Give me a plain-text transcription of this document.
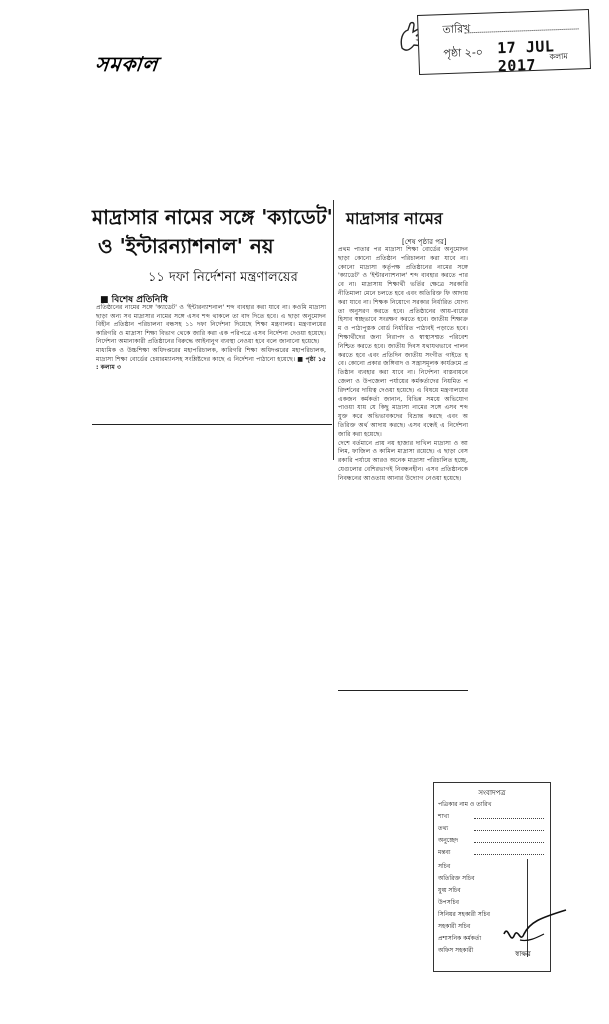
সমকাল
তারিখ
পৃষ্ঠা ২-০ 17 JUL 2017	কলাম
মাদ্রাসার নামের সঙ্গে 'ক্যাডেট'
ও 'ইন্টারন্যাশনাল' নয়
১১ দফা নির্দেশনা মন্ত্রণালয়ের
■ বিশেষ প্রতিনিধি
প্রতিষ্ঠানের নামের সঙ্গে 'ক্যাডেট' ও 'ইন্টারন্যাশনাল' শব্দ ব্যবহার করা যাবে না। কওমি মাদ্রাসা ছাড়া অন্য সব মাদ্রাসার নামের সঙ্গে এসব শব্দ থাকলে তা বাদ দিতে হবে। এ ছাড়া অনুমোদনবিহীন প্রতিষ্ঠান পরিচালনা বন্ধসহ ১১ দফা নির্দেশনা দিয়েছে শিক্ষা মন্ত্রণালয়। মন্ত্রণালয়ের কারিগরি ও মাদ্রাসা শিক্ষা বিভাগ থেকে জারি করা এক পরিপত্রে এসব নির্দেশনা দেওয়া হয়েছে। নির্দেশনা অমান্যকারী প্রতিষ্ঠানের বিরুদ্ধে আইনানুগ ব্যবস্থা নেওয়া হবে বলে জানানো হয়েছে।
মাধ্যমিক ও উচ্চশিক্ষা অধিদপ্তরের মহাপরিচালক, কারিগরি শিক্ষা অধিদপ্তরের মহাপরিচালক, মাদ্রাসা শিক্ষা বোর্ডের চেয়ারম্যানসহ সংশ্লিষ্টদের কাছে এ নির্দেশনা পাঠানো হয়েছে। ■ পৃষ্ঠা ১৫ : কলাম ৩
মাদ্রাসার নামের
[শেষ পৃষ্ঠার পর]
প্রথম পাতার পর মাদ্রাসা শিক্ষা বোর্ডের অনুমোদন ছাড়া কোনো প্রতিষ্ঠান পরিচালনা করা যাবে না। কোনো মাদ্রাসা কর্তৃপক্ষ প্রতিষ্ঠানের নামের সঙ্গে 'ক্যাডেট' ও 'ইন্টারন্যাশনাল' শব্দ ব্যবহার করতে পারবে না। মাদ্রাসায় শিক্ষার্থী ভর্তির ক্ষেত্রে সরকারি নীতিমালা মেনে চলতে হবে এবং অতিরিক্ত ফি আদায় করা যাবে না। শিক্ষক নিয়োগে সরকার নির্ধারিত যোগ্যতা অনুসরণ করতে হবে। প্রতিষ্ঠানের আয়-ব্যয়ের হিসাব স্বচ্ছভাবে সংরক্ষণ করতে হবে। জাতীয় শিক্ষাক্রম ও পাঠ্যপুস্তক বোর্ড নির্ধারিত পাঠ্যবই পড়াতে হবে। শিক্ষার্থীদের জন্য নিরাপদ ও স্বাস্থ্যসম্মত পরিবেশ নিশ্চিত করতে হবে। জাতীয় দিবস যথাযথভাবে পালন করতে হবে এবং প্রতিদিন জাতীয় সংগীত গাইতে হবে। কোনো প্রকার জঙ্গিবাদ ও সন্ত্রাসমূলক কার্যক্রমে প্রতিষ্ঠান ব্যবহার করা যাবে না। নির্দেশনা বাস্তবায়নে জেলা ও উপজেলা পর্যায়ের কর্মকর্তাদের নিয়মিত পরিদর্শনের দায়িত্ব দেওয়া হয়েছে। এ বিষয়ে মন্ত্রণালয়ের একজন কর্মকর্তা জানান, বিভিন্ন সময়ে অভিযোগ পাওয়া যায় যে কিছু মাদ্রাসা নামের সঙ্গে এসব শব্দ যুক্ত করে অভিভাবকদের বিভ্রান্ত করছে এবং অতিরিক্ত অর্থ আদায় করছে। এসব বন্ধেই এ নির্দেশনা জারি করা হয়েছে।
দেশে বর্তমানে প্রায় নয় হাজার দাখিল মাদ্রাসা ও আলিম, ফাজিল ও কামিল মাদ্রাসা রয়েছে। এ ছাড়া বেসরকারি পর্যায়ে আরও অনেক মাদ্রাসা পরিচালিত হচ্ছে, যেগুলোর বেশিরভাগই নিবন্ধনহীন। এসব প্রতিষ্ঠানকে নিবন্ধনের আওতায় আনার উদ্যোগ নেওয়া হয়েছে।
সংবাদপত্র
পত্রিকার নাম ও তারিখ
শাখা
তথ্য
অনুচ্ছেদ
মন্তব্য
সচিব
অতিরিক্ত সচিব
যুগ্ম সচিব
উপসচিব
সিনিয়র সহকারী সচিব
সহকারী সচিব
প্রশাসনিক কর্মকর্তা
অফিস সহকারী	স্বাক্ষর
